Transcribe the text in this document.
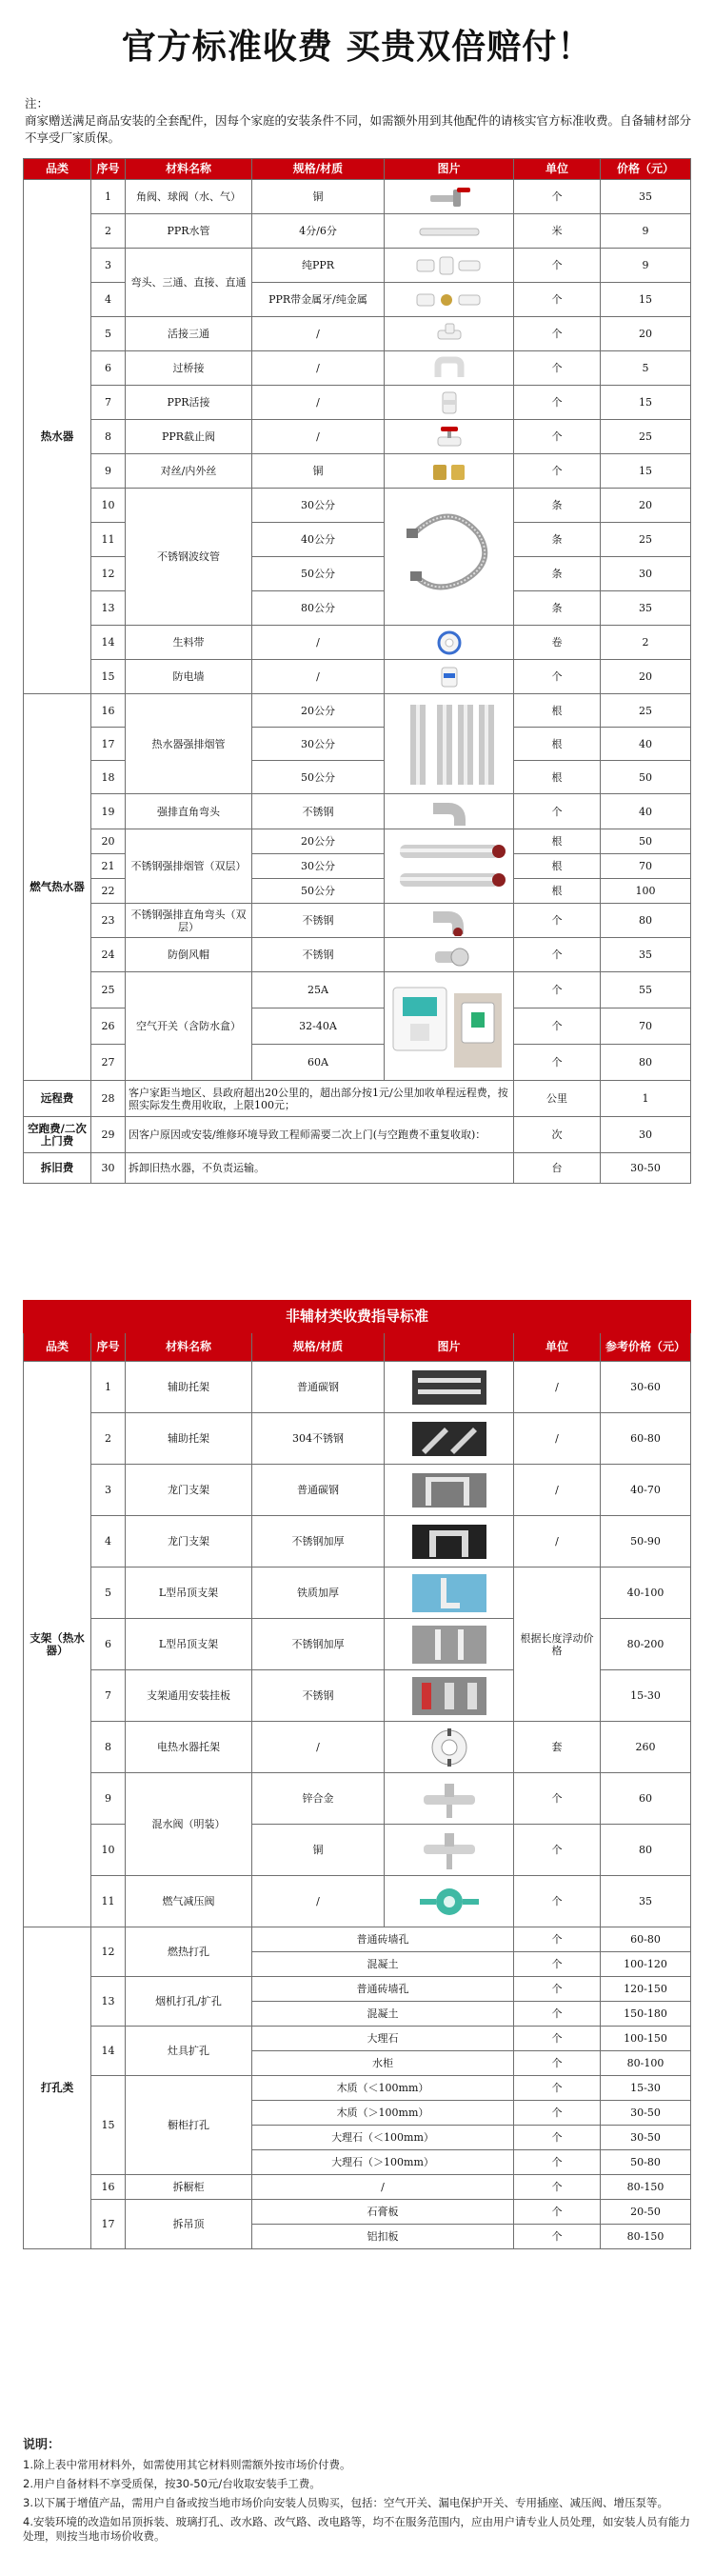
官方标准收费 买贵双倍赔付！
注：
商家赠送满足商品安装的全套配件，因每个家庭的安装条件不同，如需额外用到其他配件的请核实官方标准收费。自备辅材部分不享受厂家质保。
品类	序号	材料名称	规格/材质	图片	单位	价格（元）
热水器	1	角阀、球阀（水、气）	铜		个	35
	2	PPR水管	4分/6分		米	9
	3	弯头、三通、直接、直通	纯PPR		个	9
	4		PPR带金属牙/纯金属		个	15
	5	活接三通	/		个	20
	6	过桥接	/		个	5
	7	PPR活接	/		个	15
	8	PPR截止阀	/		个	25
	9	对丝/内外丝	铜		个	15
	10	不锈钢波纹管	30公分		条	20
	11		40公分		条	25
	12		50公分		条	30
	13		80公分		条	35
	14	生料带	/		卷	2
	15	防电墙	/		个	20
燃气热水器	16	热水器强排烟管	20公分		根	25
	17		30公分		根	40
	18		50公分		根	50
	19	强排直角弯头	不锈钢		个	40
	20	不锈钢强排烟管（双层）	20公分		根	50
	21		30公分		根	70
	22		50公分		根	100
	23	不锈钢强排直角弯头（双层）	不锈钢		个	80
	24	防倒风帽	不锈钢		个	35
	25	空气开关（含防水盒）	25A		个	55
	26		32-40A		个	70
	27		60A		个	80
远程费	28	客户家距当地区、县政府超出20公里的，超出部分按1元/公里加收单程远程费，按照实际发生费用收取，上限100元；			公里	1
空跑费/二次上门费	29	因客户原因或安装/维修环境导致工程师需要二次上门(与空跑费不重复收取)：			次	30
拆旧费	30	拆卸旧热水器，不负责运输。			台	30-50
非辅材类收费指导标准						
品类	序号	材料名称	规格/材质	图片	单位	参考价格（元）
支架（热水器）	1	辅助托架	普通碳钢		/	30-60
	2	辅助托架	304不锈钢		/	60-80
	3	龙门支架	普通碳钢		/	40-70
	4	龙门支架	不锈钢加厚		/	50-90
	5	L型吊顶支架	铁质加厚		根据长度浮动价格	40-100
	6	L型吊顶支架	不锈钢加厚			80-200
	7	支架通用安装挂板	不锈钢			15-30
	8	电热水器托架	/		套	260
	9	混水阀（明装）	锌合金		个	60
	10		铜		个	80
	11	燃气减压阀	/		个	35
打孔类	12	燃热打孔	普通砖墙孔		个	60-80
			混凝土		个	100-120
	13	烟机打孔/扩孔	普通砖墙孔		个	120-150
			混凝土		个	150-180
	14	灶具扩孔	大理石		个	100-150
			水柜		个	80-100
	15	橱柜打孔	木质（＜100mm）		个	15-30
			木质（＞100mm）		个	30-50
			大理石（＜100mm）		个	30-50
			大理石（＞100mm）		个	50-80
	16	拆橱柜	/		个	80-150
	17	拆吊顶	石膏板		个	20-50
			铝扣板		个	80-150
说明：

1.除上表中常用材料外，如需使用其它材料则需额外按市场价付费。

2.用户自备材料不享受质保，按30-50元/台收取安装手工费。

3.以下属于增值产品，需用户自备或按当地市场价向安装人员购买，包括：空气开关、漏电保护开关、专用插座、减压阀、增压泵等。

4.安装环境的改造如吊顶拆装、玻璃打孔、改水路、改气路、改电路等，均不在服务范围内，应由用户请专业人员处理，如安装人员有能力处理，则按当地市场价收费。
